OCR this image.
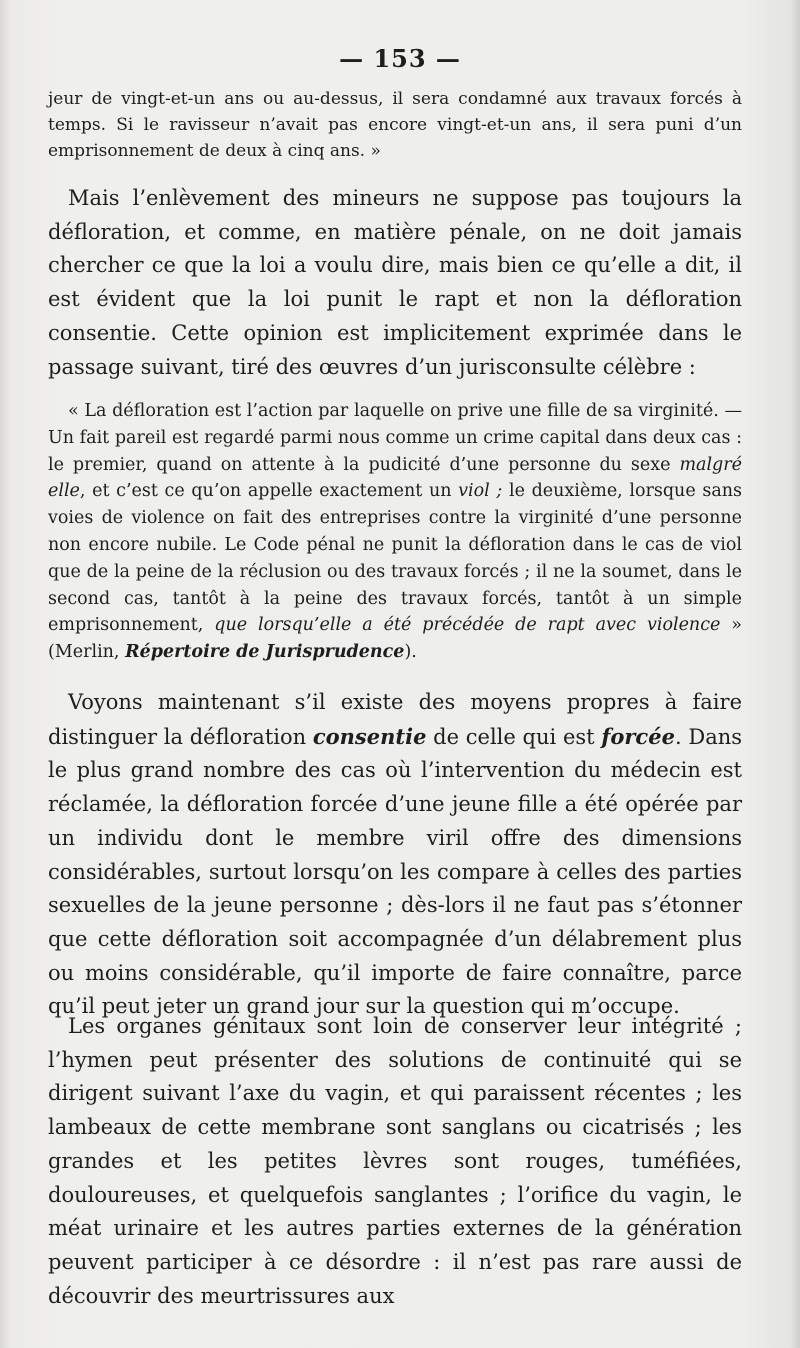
— 153 —

jeur de vingt-et-un ans ou au-dessus, il sera condamné aux travaux forcés à temps. Si le ravisseur n’avait pas encore vingt-et-un ans, il sera puni d’un emprisonnement de deux à cinq ans. »

Mais l’enlèvement des mineurs ne suppose pas toujours la défloration, et comme, en matière pénale, on ne doit jamais chercher ce que la loi a voulu dire, mais bien ce qu’elle a dit, il est évident que la loi punit le rapt et non la défloration consentie. Cette opinion est implicitement exprimée dans le passage suivant, tiré des œuvres d’un jurisconsulte célèbre :

« La défloration est l’action par laquelle on prive une fille de sa virginité. —Un fait pareil est regardé parmi nous comme un crime capital dans deux cas : le premier, quand on attente à la pudicité d’une personne du sexe malgré elle, et c’est ce qu’on appelle exactement un viol ; le deuxième, lorsque sans voies de violence on fait des entreprises contre la virginité d’une personne non encore nubile. Le Code pénal ne punit la défloration dans le cas de viol que de la peine de la réclusion ou des travaux forcés ; il ne la soumet, dans le second cas, tantôt à la peine des travaux forcés, tantôt à un simple emprisonnement, que lorsqu’elle a été précédée de rapt avec violence » (Merlin, Répertoire de Jurisprudence).

Voyons maintenant s’il existe des moyens propres à faire distinguer la défloration consentie de celle qui est forcée. Dans le plus grand nombre des cas où l’intervention du médecin est réclamée, la défloration forcée d’une jeune fille a été opérée par un individu dont le membre viril offre des dimensions considérables, surtout lorsqu’on les compare à celles des parties sexuelles de la jeune personne ; dès-lors il ne faut pas s’étonner que cette défloration soit accompagnée d’un délabrement plus ou moins considérable, qu’il importe de faire connaître, parce qu’il peut jeter un grand jour sur la question qui m’occupe.

Les organes génitaux sont loin de conserver leur intégrité ; l’hymen peut présenter des solutions de continuité qui se dirigent suivant l’axe du vagin, et qui paraissent récentes ; les lambeaux de cette membrane sont sanglans ou cicatrisés ; les grandes et les petites lèvres sont rouges, tuméfiées, douloureuses, et quelquefois sanglantes ; l’orifice du vagin, le méat urinaire et les autres parties externes de la génération peuvent participer à ce désordre : il n’est pas rare aussi de découvrir des meurtrissures aux
